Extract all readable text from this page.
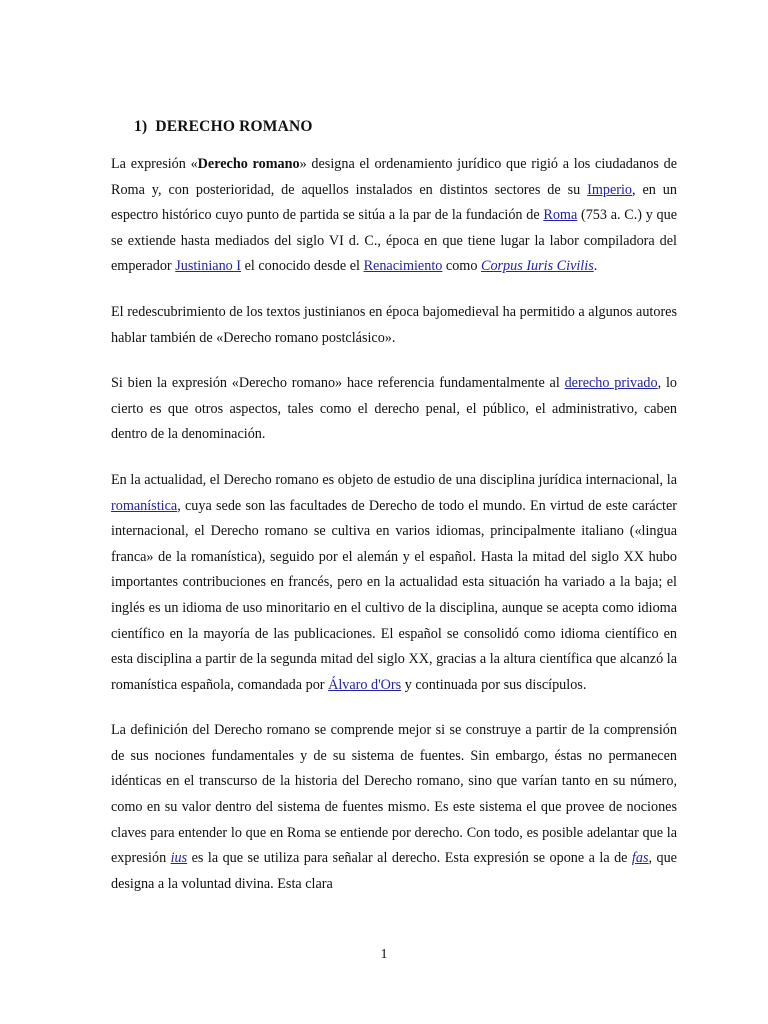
1) DERECHO ROMANO

La expresión «Derecho romano» designa el ordenamiento jurídico que rigió a los ciudadanos de Roma y, con posterioridad, de aquellos instalados en distintos sectores de su Imperio, en un espectro histórico cuyo punto de partida se sitúa a la par de la fundación de Roma (753 a. C.) y que se extiende hasta mediados del siglo VI d. C., época en que tiene lugar la labor compiladora del emperador Justiniano I el conocido desde el Renacimiento como Corpus Iuris Civilis.

El redescubrimiento de los textos justinianos en época bajomedieval ha permitido a algunos autores hablar también de «Derecho romano postclásico».

Si bien la expresión «Derecho romano» hace referencia fundamentalmente al derecho privado, lo cierto es que otros aspectos, tales como el derecho penal, el público, el administrativo, caben dentro de la denominación.

En la actualidad, el Derecho romano es objeto de estudio de una disciplina jurídica internacional, la romanística, cuya sede son las facultades de Derecho de todo el mundo. En virtud de este carácter internacional, el Derecho romano se cultiva en varios idiomas, principalmente italiano («lingua franca» de la romanística), seguido por el alemán y el español. Hasta la mitad del siglo XX hubo importantes contribuciones en francés, pero en la actualidad esta situación ha variado a la baja; el inglés es un idioma de uso minoritario en el cultivo de la disciplina, aunque se acepta como idioma científico en la mayoría de las publicaciones. El español se consolidó como idioma científico en esta disciplina a partir de la segunda mitad del siglo XX, gracias a la altura científica que alcanzó la romanística española, comandada por Álvaro d'Ors y continuada por sus discípulos.

La definición del Derecho romano se comprende mejor si se construye a partir de la comprensión de sus nociones fundamentales y de su sistema de fuentes. Sin embargo, éstas no permanecen idénticas en el transcurso de la historia del Derecho romano, sino que varían tanto en su número, como en su valor dentro del sistema de fuentes mismo. Es este sistema el que provee de nociones claves para entender lo que en Roma se entiende por derecho. Con todo, es posible adelantar que la expresión ius es la que se utiliza para señalar al derecho. Esta expresión se opone a la de fas, que designa a la voluntad divina. Esta clara

1
